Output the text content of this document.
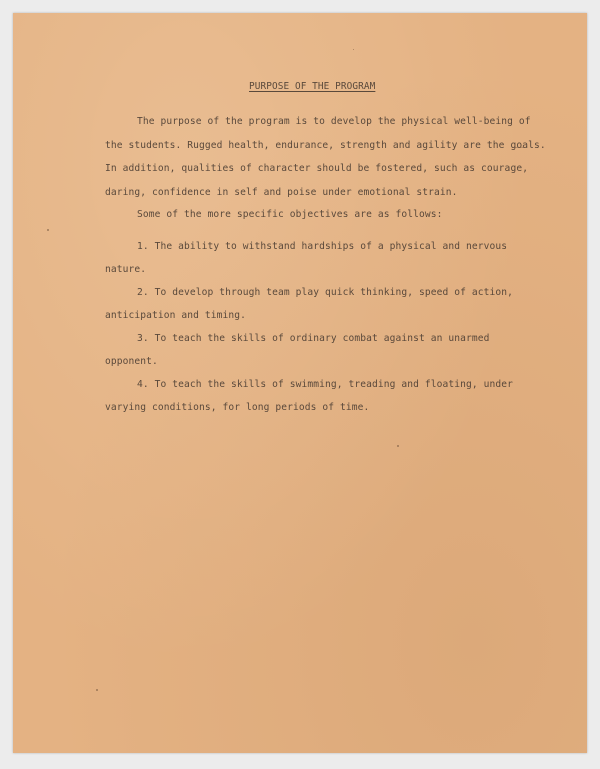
PURPOSE OF THE PROGRAM
The purpose of the program is to develop the physical well-being of
the students. Rugged health, endurance, strength and agility are the goals.
In addition, qualities of character should be fostered, such as courage,
daring, confidence in self and poise under emotional strain.
Some of the more specific objectives are as follows:
1. The ability to withstand hardships of a physical and nervous
nature.
2. To develop through team play quick thinking, speed of action,
anticipation and timing.
3. To teach the skills of ordinary combat against an unarmed
opponent.
4. To teach the skills of swimming, treading and floating, under
varying conditions, for long periods of time.
